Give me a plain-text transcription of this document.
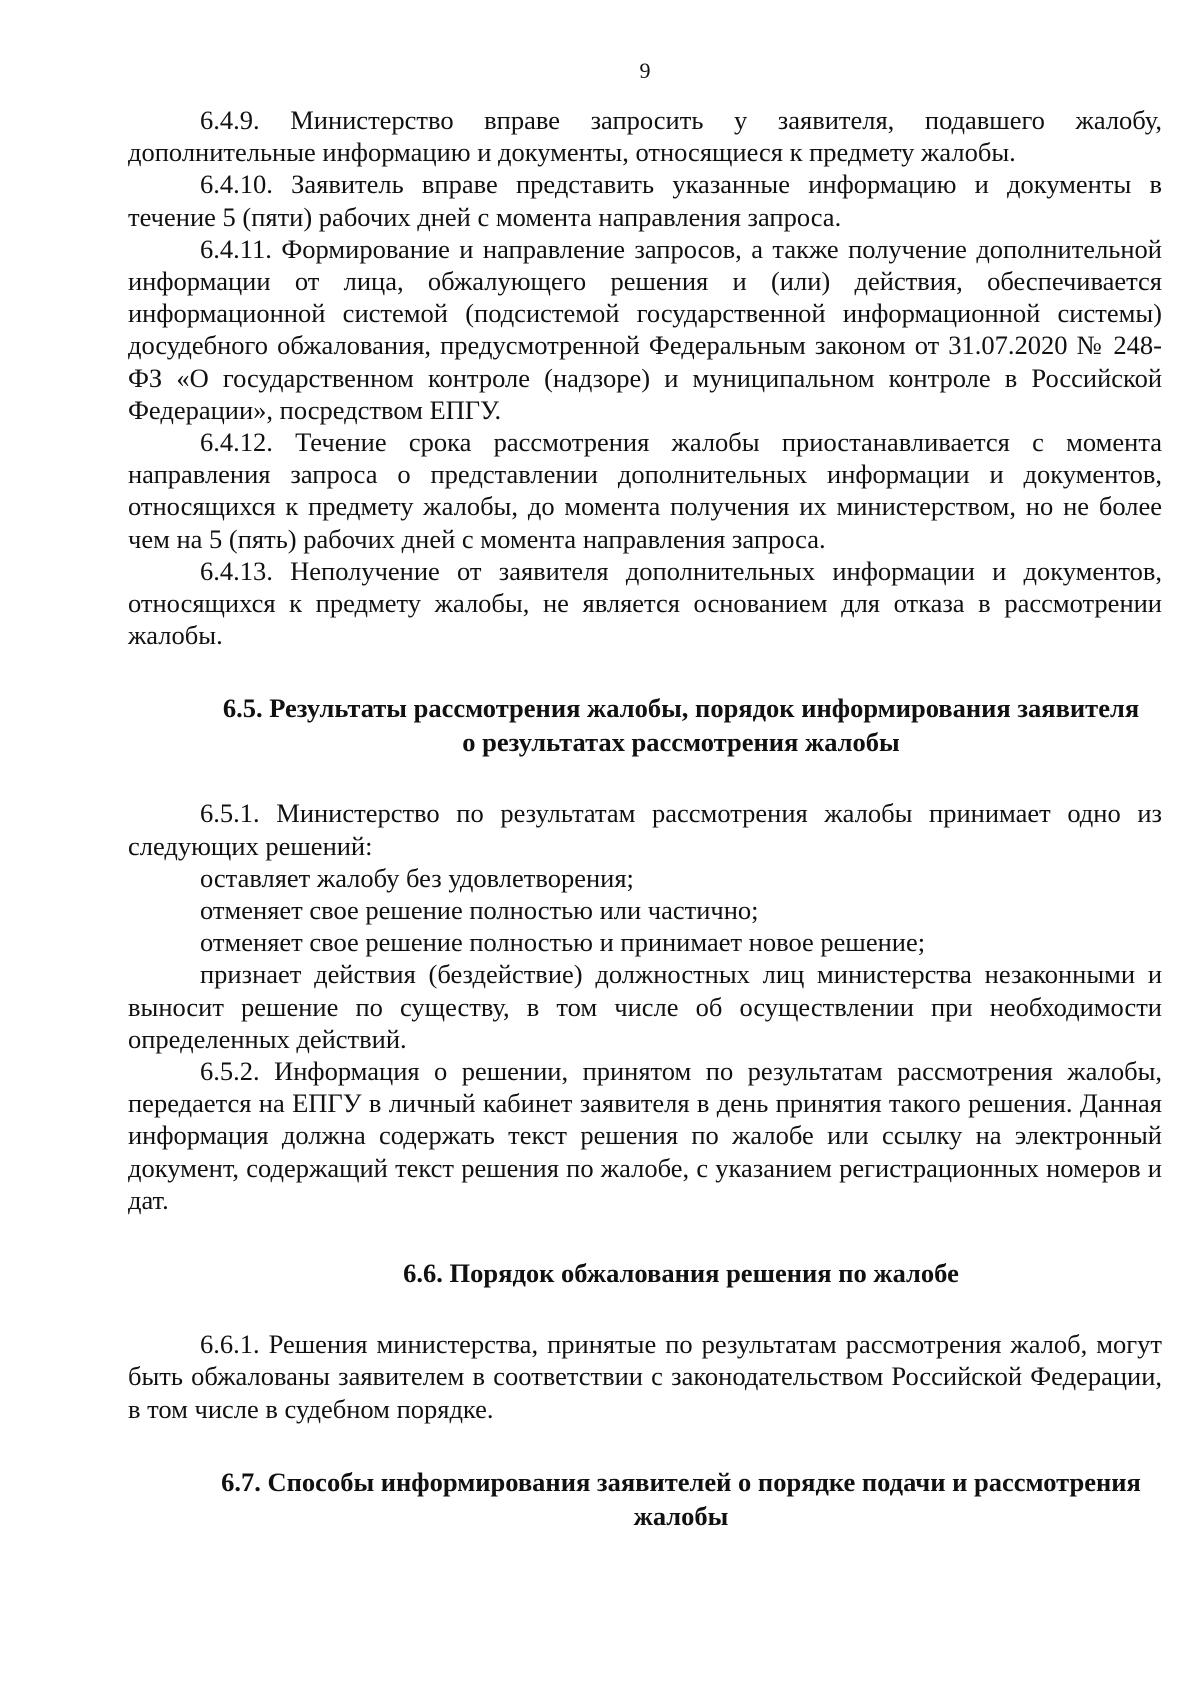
9

6.4.9. Министерство вправе запросить у заявителя, подавшего жалобу, дополнительные информацию и документы, относящиеся к предмету жалобы.

6.4.10. Заявитель вправе представить указанные информацию и документы в течение 5 (пяти) рабочих дней с момента направления запроса.

6.4.11. Формирование и направление запросов, а также получение дополнительной информации от лица, обжалующего решения и (или) действия, обеспечивается информационной системой (подсистемой государственной информационной системы) досудебного обжалования, предусмотренной Федеральным законом от 31.07.2020 № 248-ФЗ «О государственном контроле (надзоре) и муниципальном контроле в Российской Федерации», посредством ЕПГУ.

6.4.12. Течение срока рассмотрения жалобы приостанавливается с момента направления запроса о представлении дополнительных информации и документов, относящихся к предмету жалобы, до момента получения их министерством, но не более чем на 5 (пять) рабочих дней с момента направления запроса.

6.4.13. Неполучение от заявителя дополнительных информации и документов, относящихся к предмету жалобы, не является основанием для отказа в рассмотрении жалобы.

6.5. Результаты рассмотрения жалобы, порядок информирования заявителя
о результатах рассмотрения жалобы

6.5.1. Министерство по результатам рассмотрения жалобы принимает одно из следующих решений:

оставляет жалобу без удовлетворения;

отменяет свое решение полностью или частично;

отменяет свое решение полностью и принимает новое решение;

признает действия (бездействие) должностных лиц министерства незаконными и выносит решение по существу, в том числе об осуществлении при необходимости определенных действий.

6.5.2. Информация о решении, принятом по результатам рассмотрения жалобы, передается на ЕПГУ в личный кабинет заявителя в день принятия такого решения. Данная информация должна содержать текст решения по жалобе или ссылку на электронный документ, содержащий текст решения по жалобе, с указанием регистрационных номеров и дат.

6.6. Порядок обжалования решения по жалобе

6.6.1. Решения министерства, принятые по результатам рассмотрения жалоб, могут быть обжалованы заявителем в соответствии с законодательством Российской Федерации, в том числе в судебном порядке.

6.7. Способы информирования заявителей о порядке подачи и рассмотрения
жалобы
